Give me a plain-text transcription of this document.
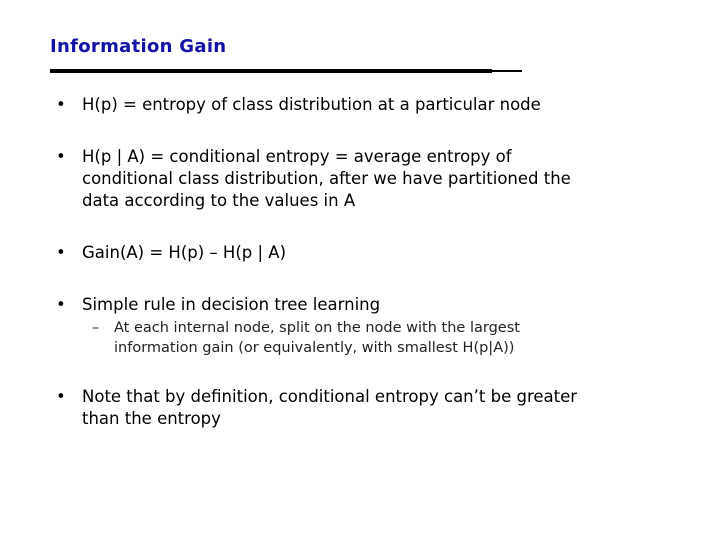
Information Gain
• H(p) = entropy of class distribution at a particular node
• H(p | A) = conditional entropy = average entropy of
conditional class distribution, after we have partitioned the
data according to the values in A
• Gain(A) = H(p) – H(p | A)
• Simple rule in decision tree learning
– At each internal node, split on the node with the largest
information gain (or equivalently, with smallest H(p|A))
• Note that by definition, conditional entropy can’t be greater
than the entropy
